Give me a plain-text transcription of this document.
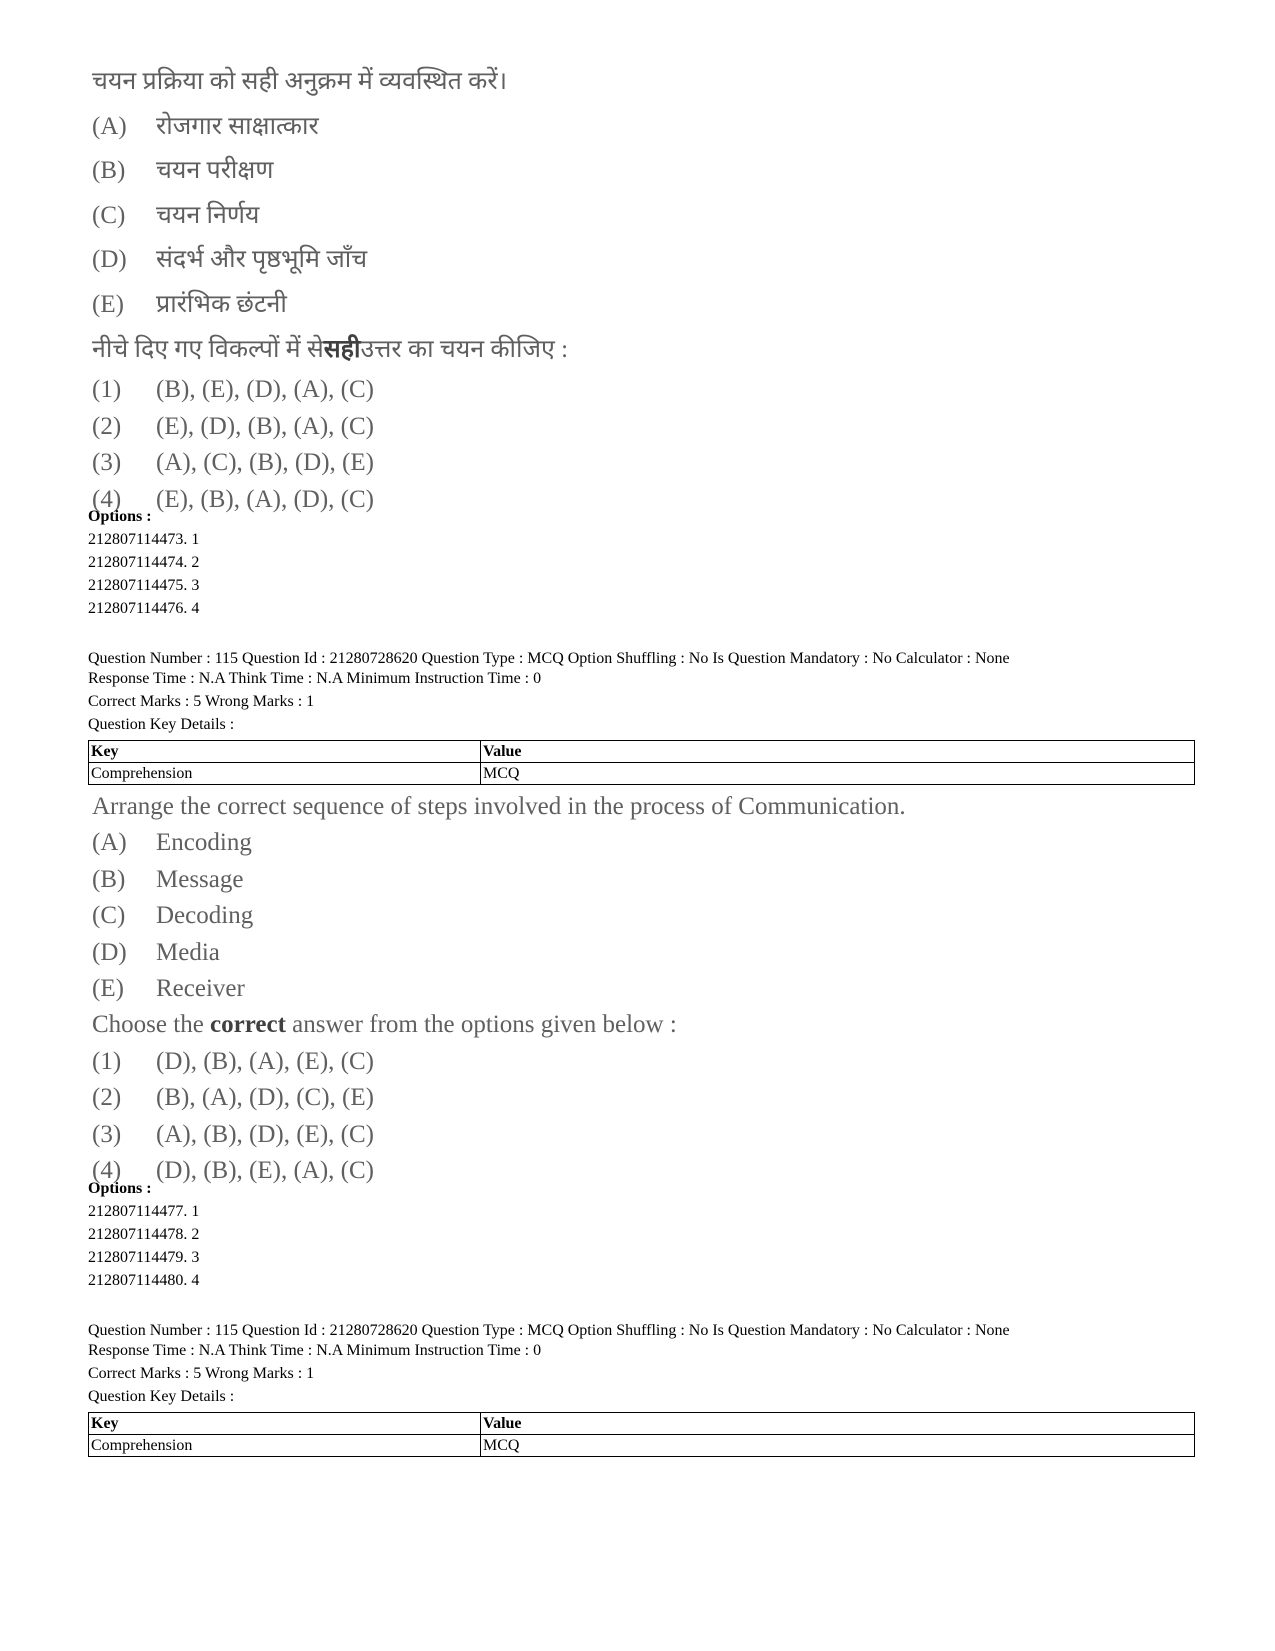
चयन प्रक्रिया को सही अनुक्रम में व्यवस्थित करें।
(A)	रोजगार साक्षात्कार
(B)	चयन परीक्षण
(C)	चयन निर्णय
(D)	संदर्भ और पृष्ठभूमि जाँच
(E)	प्रारंभिक छंटनी
नीचे दिए गए विकल्पों में से सही उत्तर का चयन कीजिए :
(1)	(B), (E), (D), (A), (C)
(2)	(E), (D), (B), (A), (C)
(3)	(A), (C), (B), (D), (E)
(4)	(E), (B), (A), (D), (C)
Options :
212807114473. 1
212807114474. 2
212807114475. 3
212807114476. 4
Question Number : 115 Question Id : 21280728620 Question Type : MCQ Option Shuffling : No Is Question Mandatory : No Calculator : None
Response Time : N.A Think Time : N.A Minimum Instruction Time : 0
Correct Marks : 5 Wrong Marks : 1
Question Key Details :
Key	Value
Comprehension	MCQ
Arrange the correct sequence of steps involved in the process of Communication.
(A)	Encoding
(B)	Message
(C)	Decoding
(D)	Media
(E)	Receiver
Choose the correct answer from the options given below :
(1)	(D), (B), (A), (E), (C)
(2)	(B), (A), (D), (C), (E)
(3)	(A), (B), (D), (E), (C)
(4)	(D), (B), (E), (A), (C)
Options :
212807114477. 1
212807114478. 2
212807114479. 3
212807114480. 4
Question Number : 115 Question Id : 21280728620 Question Type : MCQ Option Shuffling : No Is Question Mandatory : No Calculator : None
Response Time : N.A Think Time : N.A Minimum Instruction Time : 0
Correct Marks : 5 Wrong Marks : 1
Question Key Details :
Key	Value
Comprehension	MCQ
